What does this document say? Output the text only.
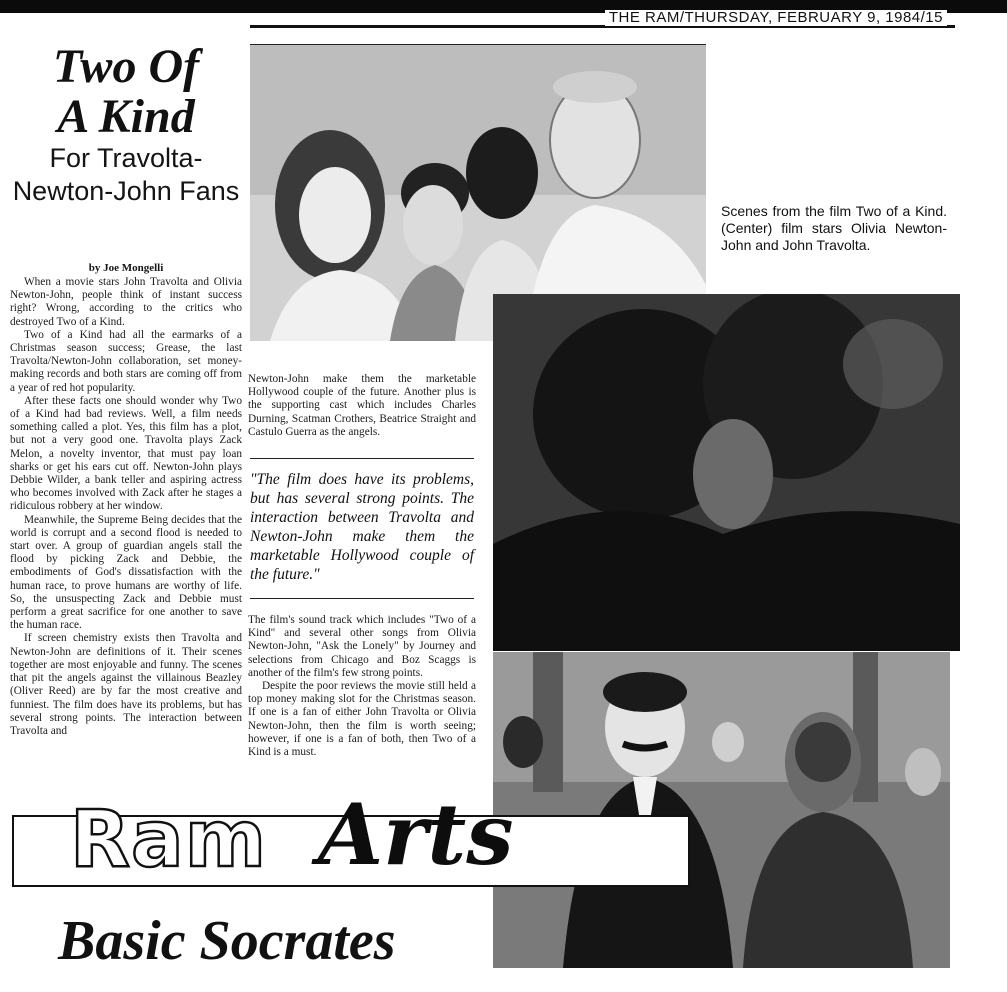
THE RAM/THURSDAY, FEBRUARY 9, 1984/15
Two Of
A Kind
For Travolta-Newton-John Fans
by Joe Mongelli

When a movie stars John Travolta and Olivia Newton-John, people think of instant success right? Wrong, according to the critics who destroyed Two of a Kind.

Two of a Kind had all the earmarks of a Christmas season success; Grease, the last Travolta/Newton-John collaboration, set money-making records and both stars are coming off from a year of red hot popularity.

After these facts one should wonder why Two of a Kind had bad reviews. Well, a film needs something called a plot. Yes, this film has a plot, but not a very good one. Travolta plays Zack Melon, a novelty inventor, that must pay loan sharks or get his ears cut off. Newton-John plays Debbie Wilder, a bank teller and aspiring actress who becomes involved with Zack after he stages a ridiculous robbery at her window.

Meanwhile, the Supreme Being decides that the world is corrupt and a second flood is needed to start over. A group of guardian angels stall the flood by picking Zack and Debbie, the embodiments of God's dissatisfaction with the human race, to prove humans are worthy of life. So, the unsuspecting Zack and Debbie must perform a great sacrifice for one another to save the human race.

If screen chemistry exists then Travolta and Newton-John are definitions of it. Their scenes together are most enjoyable and funny. The scenes that pit the angels against the villainous Beazley (Oliver Reed) are by far the most creative and funniest. The film does have its problems, but has several strong points. The interaction between Travolta and

Scenes from the film Two of a Kind. (Center) film stars Olivia Newton-John and John Travolta.

Newton-John make them the marketable Hollywood couple of the future. Another plus is the supporting cast which includes Charles Durning, Scatman Crothers, Beatrice Straight and Castulo Guerra as the angels.

"The film does have its problems, but has several strong points. The interaction between Travolta and Newton-John make them the marketable Hollywood couple of the future."

The film's sound track which includes "Two of a Kind" and several other songs from Olivia Newton-John, "Ask the Lonely" by Journey and selections from Chicago and Boz Scaggs is another of the film's few strong points.

Despite the poor reviews the movie still held a top money making slot for the Christmas season. If one is a fan of either John Travolta or Olivia Newton-John, then the film is worth seeing; however, if one is a fan of both, then Two of a Kind is a must.

Ram Arts
Basic Socrates
